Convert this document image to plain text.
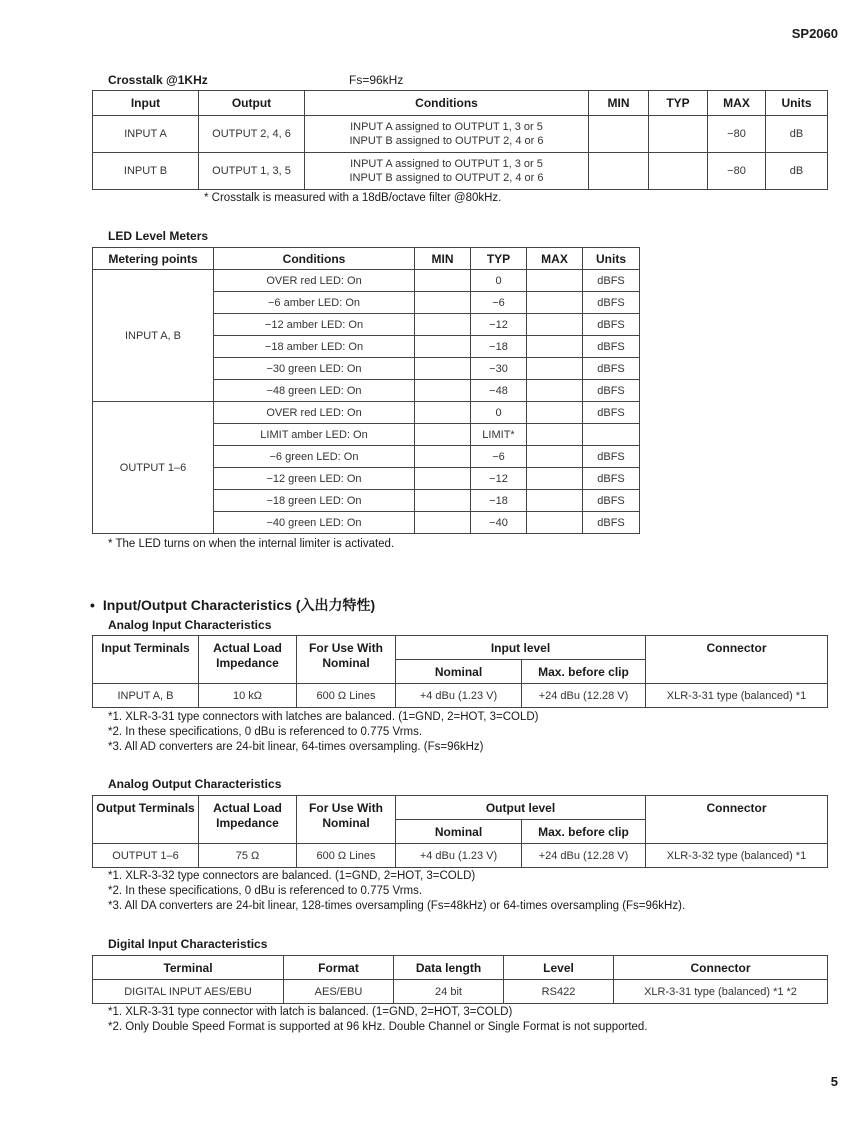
SP2060
5
Crosstalk @1KHz	Fs=96kHz
Input	Output	Conditions	MIN	TYP	MAX	Units
INPUT A	OUTPUT 2, 4, 6	INPUT A assigned to OUTPUT 1, 3 or 5
INPUT B assigned to OUTPUT 2, 4 or 6			−80	dB
INPUT B	OUTPUT 1, 3, 5	INPUT A assigned to OUTPUT 1, 3 or 5
INPUT B assigned to OUTPUT 2, 4 or 6			−80	dB
* Crosstalk is measured with a 18dB/octave filter @80kHz.
LED Level Meters
Metering points	Conditions	MIN	TYP	MAX	Units
INPUT A, B	OVER red LED: On		0		dBFS
	−6 amber LED: On		−6		dBFS
	−12 amber LED: On		−12		dBFS
	−18 amber LED: On		−18		dBFS
	−30 green LED: On		−30		dBFS
	−48 green LED: On		−48		dBFS
OUTPUT 1–6	OVER red LED: On		0		dBFS
	LIMIT amber LED: On		LIMIT*		
	−6 green LED: On		−6		dBFS
	−12 green LED: On		−12		dBFS
	−18 green LED: On		−18		dBFS
	−40 green LED: On		−40		dBFS
* The LED turns on when the internal limiter is activated.
• Input/Output Characteristics (入出力特性)
Analog Input Characteristics
Input Terminals	Actual Load Impedance	For Use With Nominal	Input level		Connector
			Nominal	Max. before clip	
INPUT A, B	10 kΩ	600 Ω Lines	+4 dBu (1.23 V)	+24 dBu (12.28 V)	XLR-3-31 type (balanced) *1
*1. XLR-3-31 type connectors with latches are balanced. (1=GND, 2=HOT, 3=COLD)
*2. In these specifications, 0 dBu is referenced to 0.775 Vrms.
*3. All AD converters are 24-bit linear, 64-times oversampling. (Fs=96kHz)
Analog Output Characteristics
Output Terminals	Actual Load Impedance	For Use With Nominal	Output level		Connector
			Nominal	Max. before clip	
OUTPUT 1–6	75 Ω	600 Ω Lines	+4 dBu (1.23 V)	+24 dBu (12.28 V)	XLR-3-32 type (balanced) *1
*1. XLR-3-32 type connectors are balanced. (1=GND, 2=HOT, 3=COLD)
*2. In these specifications, 0 dBu is referenced to 0.775 Vrms.
*3. All DA converters are 24-bit linear, 128-times oversampling (Fs=48kHz) or 64-times oversampling (Fs=96kHz).
Digital Input Characteristics
Terminal	Format	Data length	Level	Connector
DIGITAL INPUT AES/EBU	AES/EBU	24 bit	RS422	XLR-3-31 type (balanced) *1 *2
*1. XLR-3-31 type connector with latch is balanced. (1=GND, 2=HOT, 3=COLD)
*2. Only Double Speed Format is supported at 96 kHz. Double Channel or Single Format is not supported.
